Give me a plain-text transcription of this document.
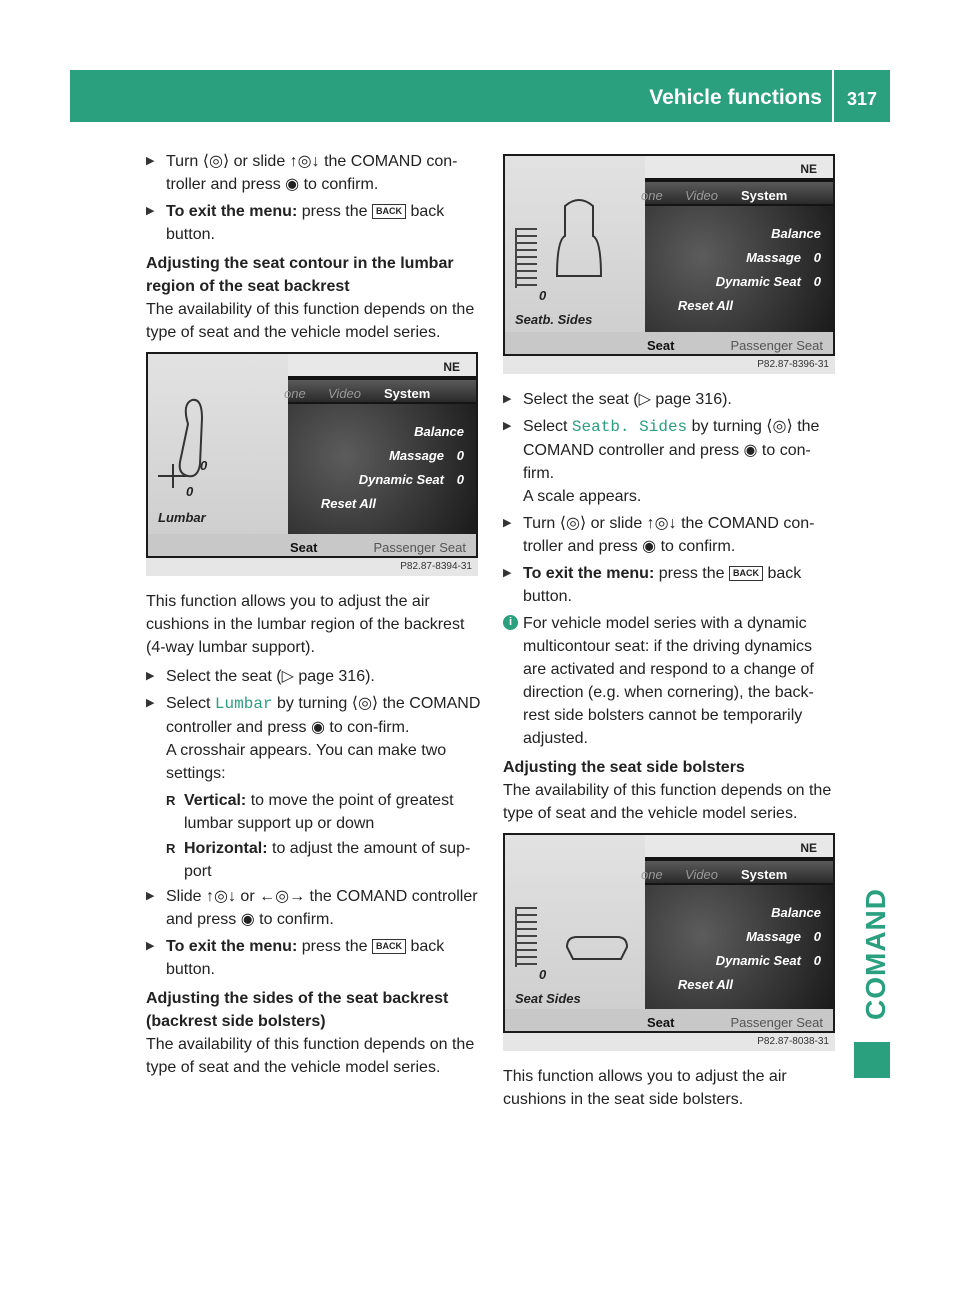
Vehicle functions	317
COMAND
▶ Turn ⟨◎⟩ or slide ↑◎↓ the COMAND con-troller and press ◉ to confirm.
▶ To exit the menu: press the BACK back button.
Adjusting the seat contour in the lumbar region of the seat backrest
The availability of this function depends on the type of seat and the vehicle model series.
0
0
Lumbar
NE
one Video System
Balance
Massage 0
Dynamic Seat 0
Reset All
Seat	Passenger Seat
P82.87-8394-31
This function allows you to adjust the air cushions in the lumbar region of the backrest (4-way lumbar support).
▶ Select the seat (▷ page 316).
▶ Select Lumbar by turning ⟨◎⟩ the COMAND controller and press ◉ to con-firm.
A crosshair appears. You can make two settings:
R Vertical: to move the point of greatest lumbar support up or down
R Horizontal: to adjust the amount of sup-port
▶ Slide ↑◎↓ or ←◎→ the COMAND controller and press ◉ to confirm.
▶ To exit the menu: press the BACK back button.
Adjusting the sides of the seat backrest (backrest side bolsters)
The availability of this function depends on the type of seat and the vehicle model series.
0
Seatb. Sides
NE
one Video System
Balance
Massage 0
Dynamic Seat 0
Reset All
Seat	Passenger Seat
P82.87-8396-31
▶ Select the seat (▷ page 316).
▶ Select Seatb. Sides by turning ⟨◎⟩ the COMAND controller and press ◉ to con-firm.
A scale appears.
▶ Turn ⟨◎⟩ or slide ↑◎↓ the COMAND con-troller and press ◉ to confirm.
▶ To exit the menu: press the BACK back button.
i For vehicle model series with a dynamic multicontour seat: if the driving dynamics are activated and respond to a change of direction (e.g. when cornering), the back-rest side bolsters cannot be temporarily adjusted.
Adjusting the seat side bolsters
The availability of this function depends on the type of seat and the vehicle model series.
0
Seat Sides
NE
one Video System
Balance
Massage 0
Dynamic Seat 0
Reset All
Seat	Passenger Seat
P82.87-8038-31
This function allows you to adjust the air cushions in the seat side bolsters.
